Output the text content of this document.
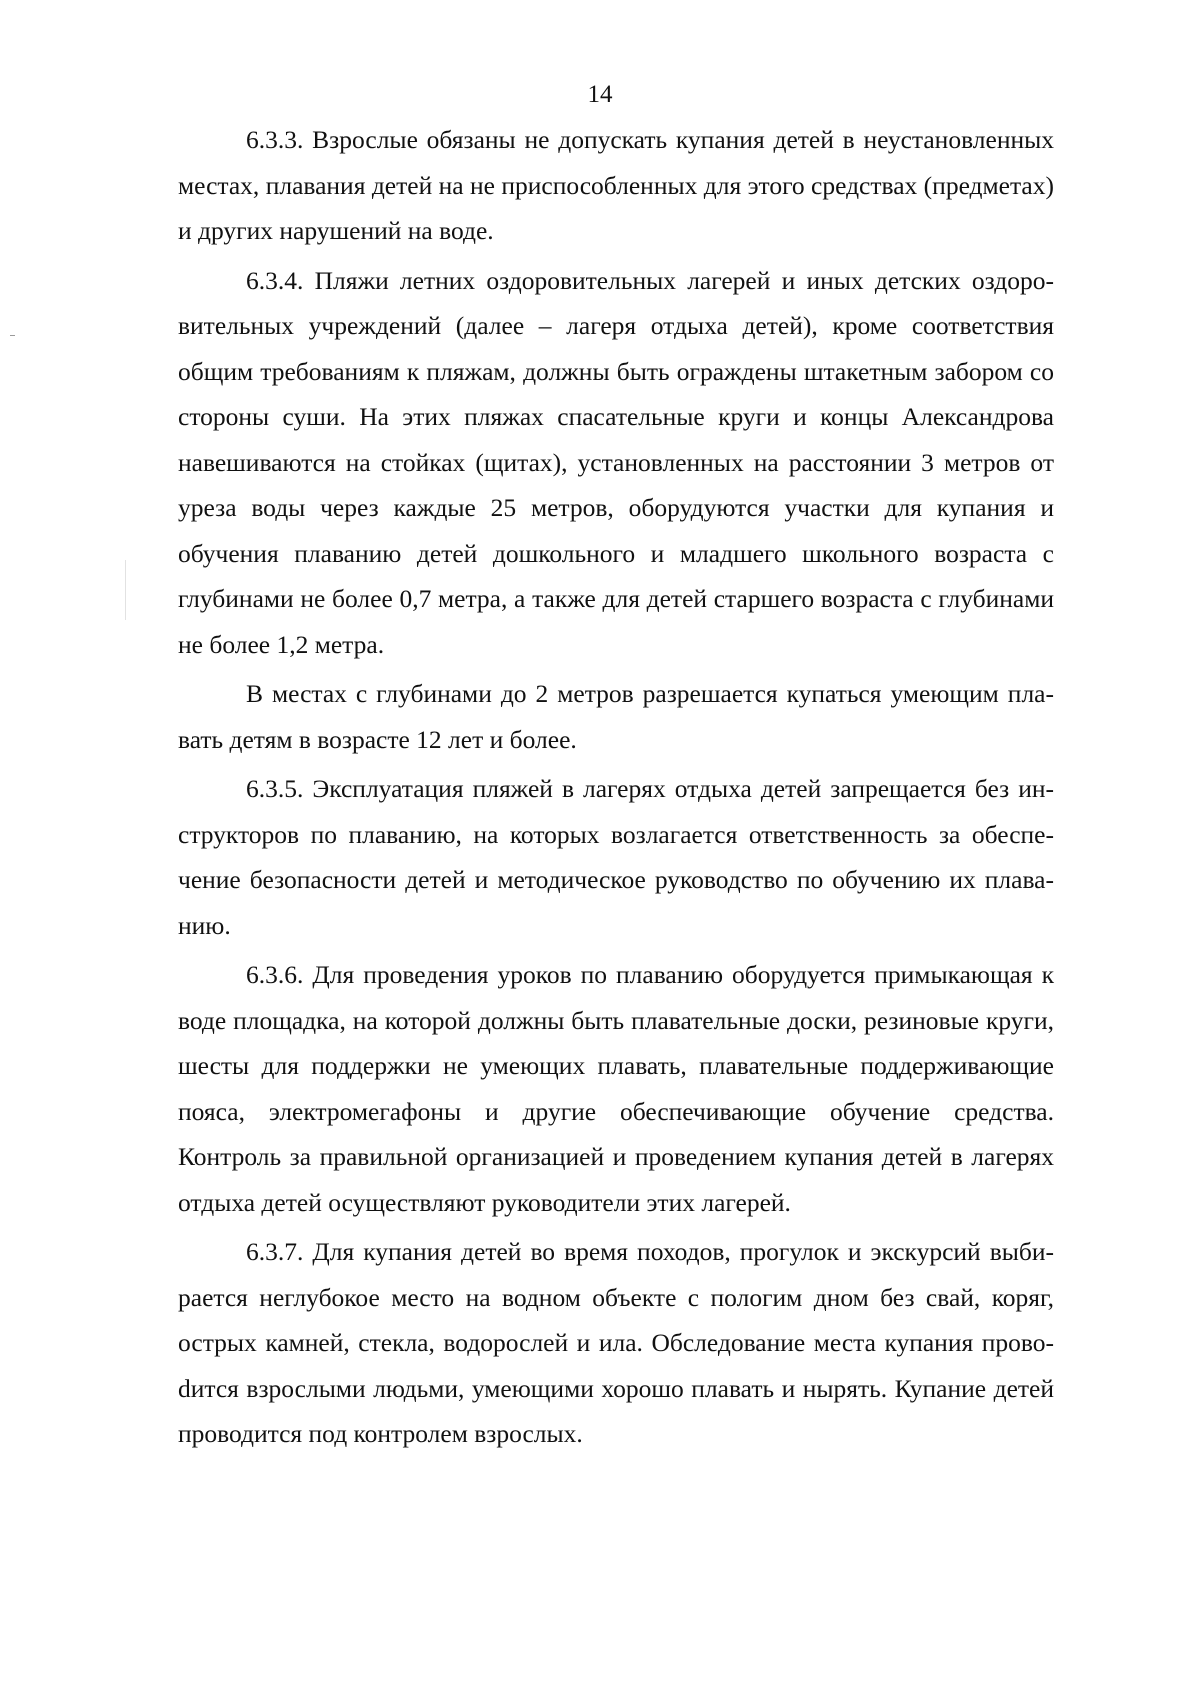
14

6.3.3. Взрослые обязаны не допускать купания детей в неустановленных местах, плавания детей на не приспособленных для этого средствах (предметах) и других нарушений на воде.

6.3.4. Пляжи летних оздоровительных лагерей и иных детских оздоровительных учреждений (далее – лагеря отдыха детей), кроме соответствия общим требованиям к пляжам, должны быть ограждены штакетным забором со стороны суши. На этих пляжах спасательные круги и концы Александрова навешиваются на стойках (щитах), установленных на расстоянии 3 метров от уреза воды через каждые 25 метров, оборудуются участки для купания и обучения плаванию детей дошкольного и младшего школьного возраста с глубинами не более 0,7 метра, а также для детей старшего возраста с глубинами не более 1,2 метра.

В местах с глубинами до 2 метров разрешается купаться умеющим плавать детям в возрасте 12 лет и более.

6.3.5. Эксплуатация пляжей в лагерях отдыха детей запрещается без инструкторов по плаванию, на которых возлагается ответственность за обеспечение безопасности детей и методическое руководство по обучению их плаванию.

6.3.6. Для проведения уроков по плаванию оборудуется примыкающая к воде площадка, на которой должны быть плавательные доски, резиновые круги, шесты для поддержки не умеющих плавать, плавательные поддерживающие пояса, электромегафоны и другие обеспечивающие обучение средства. Контроль за правильной организацией и проведением купания детей в лагерях отдыха детей осуществляют руководители этих лагерей.

6.3.7. Для купания детей во время походов, прогулок и экскурсий выбирается неглубокое место на водном объекте с пологим дном без свай, коряг, острых камней, стекла, водорослей и ила. Обследование места купания провоdится взрослыми людьми, умеющими хорошо плавать и нырять. Купание детей проводится под контролем взрослых.
